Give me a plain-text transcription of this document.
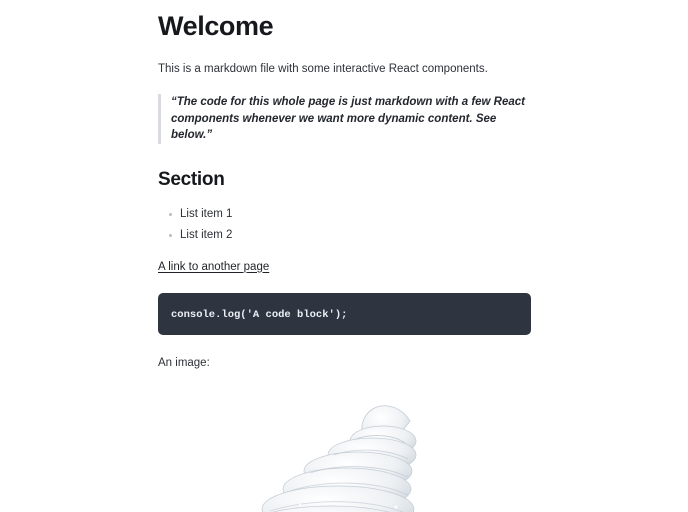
Welcome

This is a markdown file with some interactive React components.

“The code for this whole page is just markdown with a few React components whenever we want more dynamic content. See below.”
Section
List item 1
List item 2
A link to another page
console.log('A code block');

An image:
